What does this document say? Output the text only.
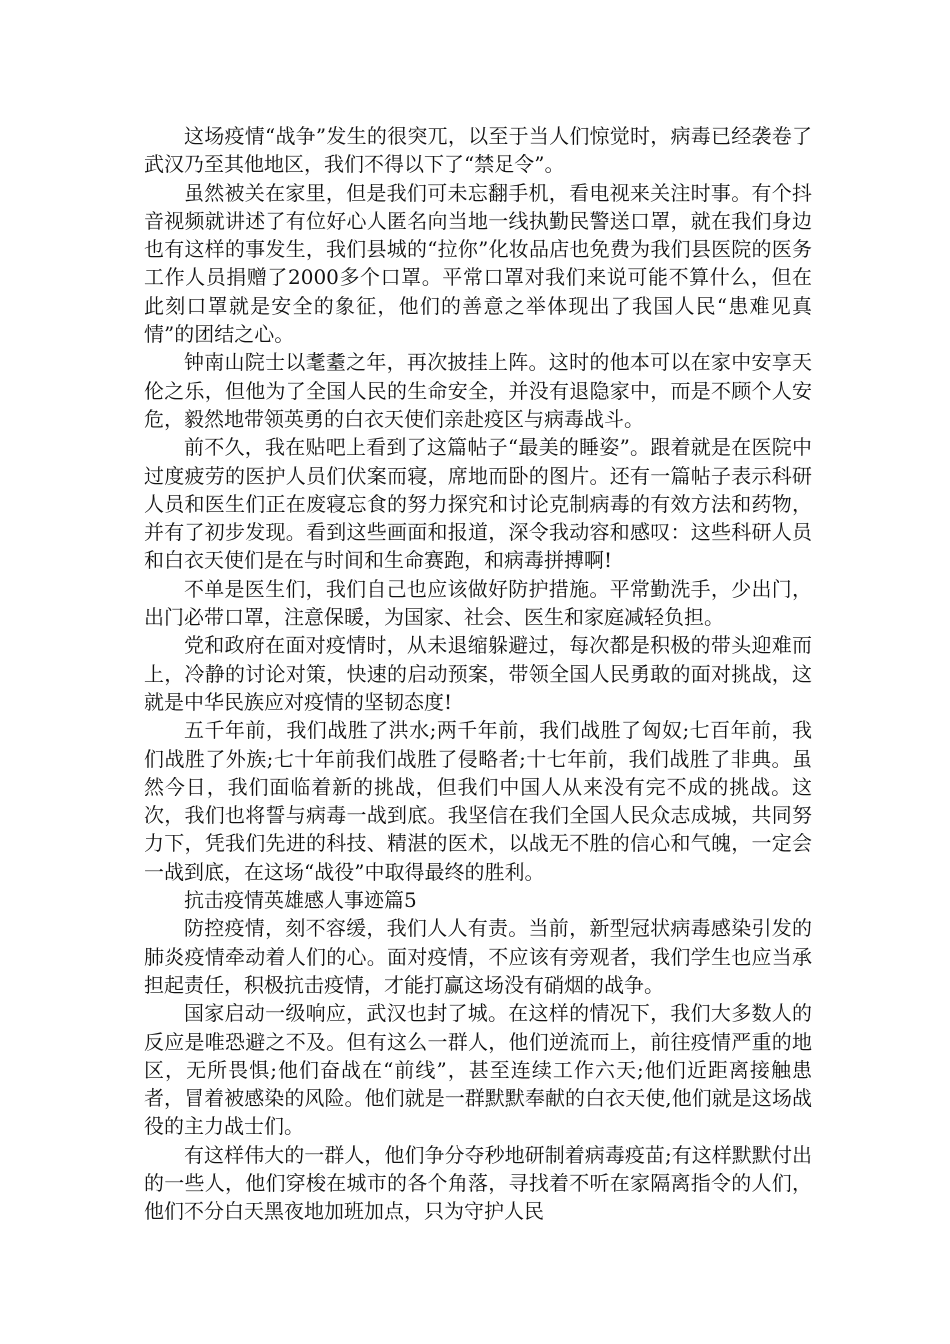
这场疫情“战争”发生的很突兀，以至于当人们惊觉时，病毒已经袭卷了武汉乃至其他地区，我们不得以下了“禁足令”。

虽然被关在家里，但是我们可未忘翻手机，看电视来关注时事。有个抖音视频就讲述了有位好心人匿名向当地一线执勤民警送口罩，就在我们身边也有这样的事发生，我们县城的“拉你”化妆品店也免费为我们县医院的医务工作人员捐赠了2000多个口罩。平常口罩对我们来说可能不算什么，但在此刻口罩就是安全的象征，他们的善意之举体现出了我国人民“患难见真情”的团结之心。

钟南山院士以耄耋之年，再次披挂上阵。这时的他本可以在家中安享天伦之乐，但他为了全国人民的生命安全，并没有退隐家中，而是不顾个人安危，毅然地带领英勇的白衣天使们亲赴疫区与病毒战斗。

前不久，我在贴吧上看到了这篇帖子“最美的睡姿”。跟着就是在医院中过度疲劳的医护人员们伏案而寝，席地而卧的图片。还有一篇帖子表示科研人员和医生们正在废寝忘食的努力探究和讨论克制病毒的有效方法和药物，并有了初步发现。看到这些画面和报道，深令我动容和感叹：这些科研人员和白衣天使们是在与时间和生命赛跑，和病毒拼搏啊!

不单是医生们，我们自己也应该做好防护措施。平常勤洗手，少出门，出门必带口罩，注意保暖，为国家、社会、医生和家庭减轻负担。

党和政府在面对疫情时，从未退缩躲避过，每次都是积极的带头迎难而上，冷静的讨论对策，快速的启动预案，带领全国人民勇敢的面对挑战，这就是中华民族应对疫情的坚韧态度!

五千年前，我们战胜了洪水;两千年前，我们战胜了匈奴;七百年前，我们战胜了外族;七十年前我们战胜了侵略者;十七年前，我们战胜了非典。虽然今日，我们面临着新的挑战，但我们中国人从来没有完不成的挑战。这次，我们也将誓与病毒一战到底。我坚信在我们全国人民众志成城，共同努力下，凭我们先进的科技、精湛的医术，以战无不胜的信心和气魄，一定会一战到底，在这场“战役”中取得最终的胜利。

抗击疫情英雄感人事迹篇5

防控疫情，刻不容缓，我们人人有责。当前，新型冠状病毒感染引发的肺炎疫情牵动着人们的心。面对疫情，不应该有旁观者，我们学生也应当承担起责任，积极抗击疫情，才能打赢这场没有硝烟的战争。

国家启动一级响应，武汉也封了城。在这样的情况下，我们大多数人的反应是唯恐避之不及。但有这么一群人，他们逆流而上，前往疫情严重的地区，无所畏惧;他们奋战在“前线”，甚至连续工作六天;他们近距离接触患者，冒着被感染的风险。他们就是一群默默奉献的白衣天使,他们就是这场战役的主力战士们。

有这样伟大的一群人，他们争分夺秒地研制着病毒疫苗;有这样默默付出的一些人，他们穿梭在城市的各个角落，寻找着不听在家隔离指令的人们，他们不分白天黑夜地加班加点，只为守护人民
